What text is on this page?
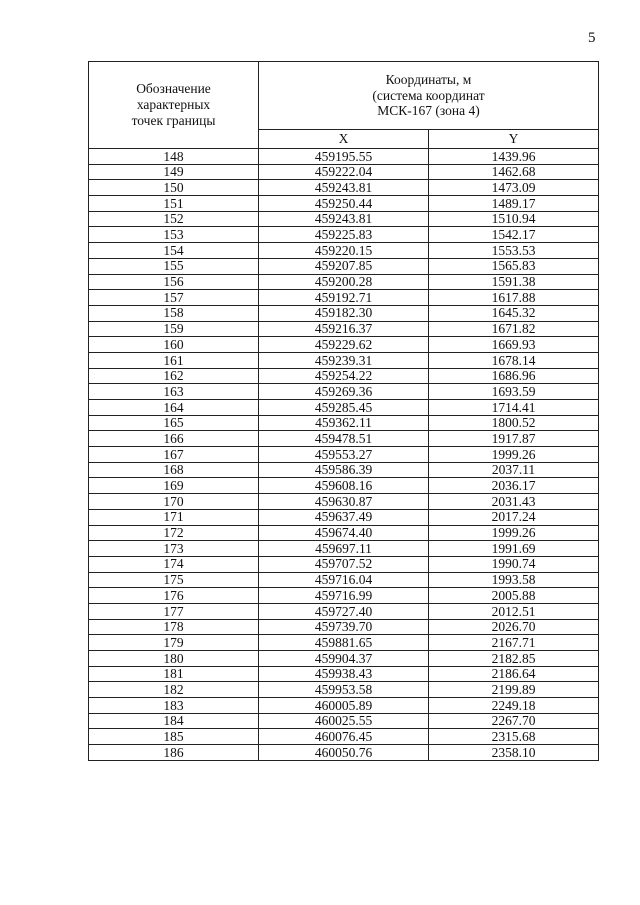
5
Обозначение
характерных
точек границы	Координаты, м
(система координат
МСК-167 (зона 4)	

	X	Y
148	459195.55	1439.96
149	459222.04	1462.68
150	459243.81	1473.09
151	459250.44	1489.17
152	459243.81	1510.94
153	459225.83	1542.17
154	459220.15	1553.53
155	459207.85	1565.83
156	459200.28	1591.38
157	459192.71	1617.88
158	459182.30	1645.32
159	459216.37	1671.82
160	459229.62	1669.93
161	459239.31	1678.14
162	459254.22	1686.96
163	459269.36	1693.59
164	459285.45	1714.41
165	459362.11	1800.52
166	459478.51	1917.87
167	459553.27	1999.26
168	459586.39	2037.11
169	459608.16	2036.17
170	459630.87	2031.43
171	459637.49	2017.24
172	459674.40	1999.26
173	459697.11	1991.69
174	459707.52	1990.74
175	459716.04	1993.58
176	459716.99	2005.88
177	459727.40	2012.51
178	459739.70	2026.70
179	459881.65	2167.71
180	459904.37	2182.85
181	459938.43	2186.64
182	459953.58	2199.89
183	460005.89	2249.18
184	460025.55	2267.70
185	460076.45	2315.68
186	460050.76	2358.10
